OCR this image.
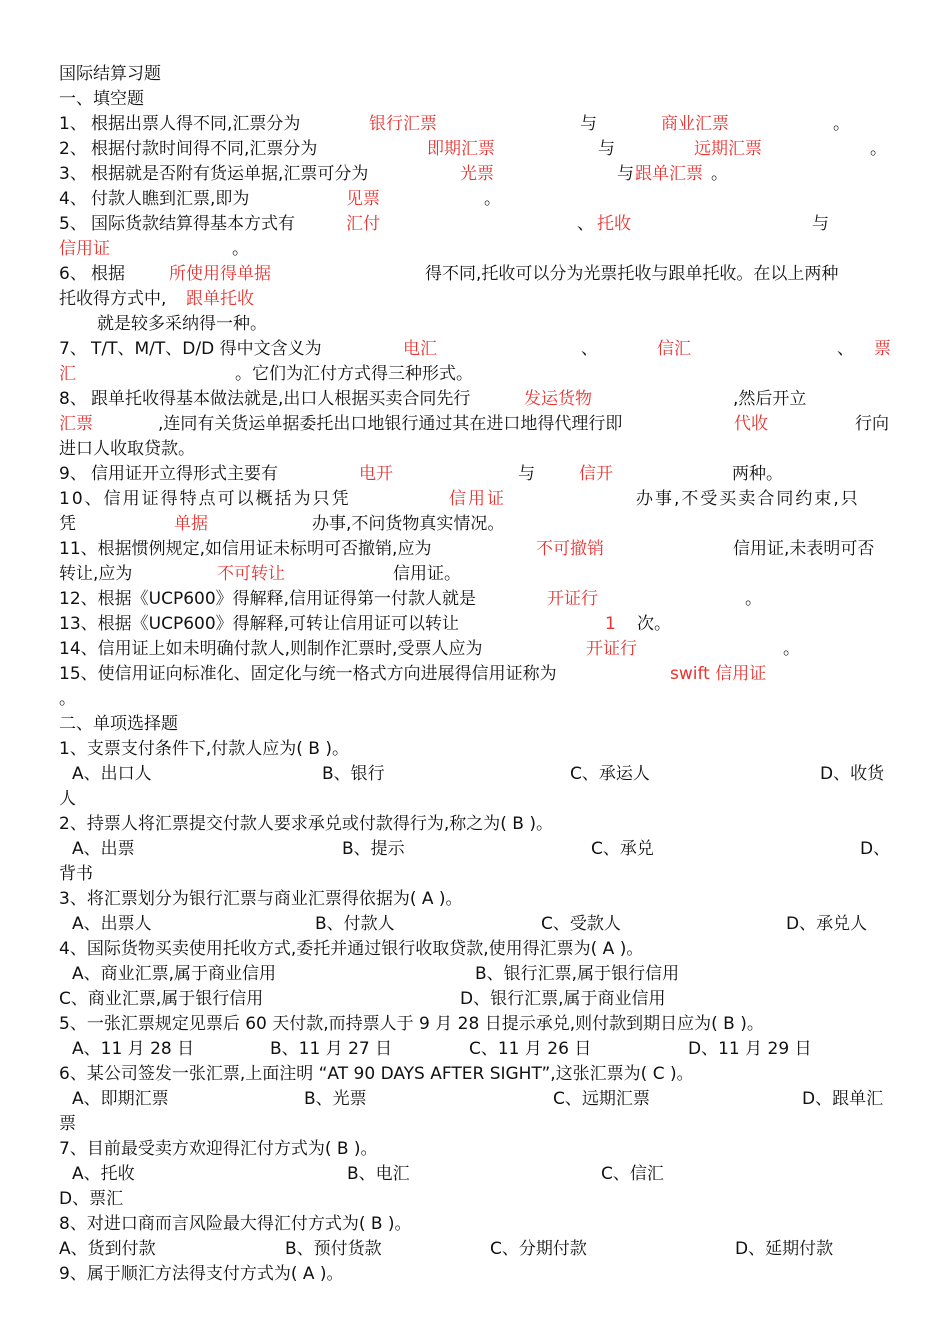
国际结算习题
一、填空题
1、 根据出票人得不同,汇票分为	银行汇票	与	商业汇票	。
2、 根据付款时间得不同,汇票分为	即期汇票	与	远期汇票	。
3、 根据就是否附有货运单据,汇票可分为	光票	与 跟单汇票 。
4、 付款人瞧到汇票,即为	见票	。
5、 国际货款结算得基本方式有	汇付	、 托收	与
信用证	。
6、 根据	所使用得单据	得不同,托收可以分为光票托收与跟单托收。在以上两种
托收得方式中, 跟单托收
就是较多采纳得一种。
7、 T/T、M/T、D/D 得中文含义为	电汇	、	信汇	、 票
汇	。它们为汇付方式得三种形式。
8、 跟单托收得基本做法就是,出口人根据买卖合同先行	发运货物	,然后开立
汇票	,连同有关货运单据委托出口地银行通过其在进口地得代理行即	代收	行向
进口人收取贷款。
9、 信用证开立得形式主要有	电开	与	信开	两种。
10、信用证得特点可以概括为只凭	信用证	办事,不受买卖合同约束,只
凭	单据	办事,不问货物真实情况。
11、根据惯例规定,如信用证未标明可否撤销,应为	不可撤销	信用证,未表明可否
转让,应为	不可转让	信用证。
12、根据《UCP600》得解释,信用证得第一付款人就是	开证行	。
13、根据《UCP600》得解释,可转让信用证可以转让	1 次。
14、信用证上如未明确付款人,则制作汇票时,受票人应为	开证行	。
15、使信用证向标准化、固定化与统一格式方向进展得信用证称为	swift 信用证
。
二、单项选择题
1、支票支付条件下,付款人应为( B )。
A、出口人	B、银行	C、承运人	D、收货
人
2、持票人将汇票提交付款人要求承兑或付款得行为,称之为( B )。
A、出票	B、提示	C、承兑	D、
背书
3、将汇票划分为银行汇票与商业汇票得依据为( A )。
A、出票人	B、付款人	C、受款人	D、承兑人
4、国际货物买卖使用托收方式,委托并通过银行收取贷款,使用得汇票为( A )。
A、商业汇票,属于商业信用	B、银行汇票,属于银行信用
C、商业汇票,属于银行信用	D、银行汇票,属于商业信用
5、一张汇票规定见票后 60 天付款,而持票人于 9 月 28 日提示承兑,则付款到期日应为( B )。
A、11 月 28 日	B、11 月 27 日	C、11 月 26 日	D、11 月 29 日
6、某公司签发一张汇票,上面注明 “AT 90 DAYS AFTER SIGHT”,这张汇票为( C )。
A、即期汇票	B、光票	C、远期汇票	D、跟单汇
票
7、目前最受卖方欢迎得汇付方式为( B )。
A、托收	B、电汇	C、信汇
D、票汇
8、对进口商而言风险最大得汇付方式为( B )。
A、货到付款	B、预付货款	C、分期付款	D、延期付款
9、属于顺汇方法得支付方式为( A )。
